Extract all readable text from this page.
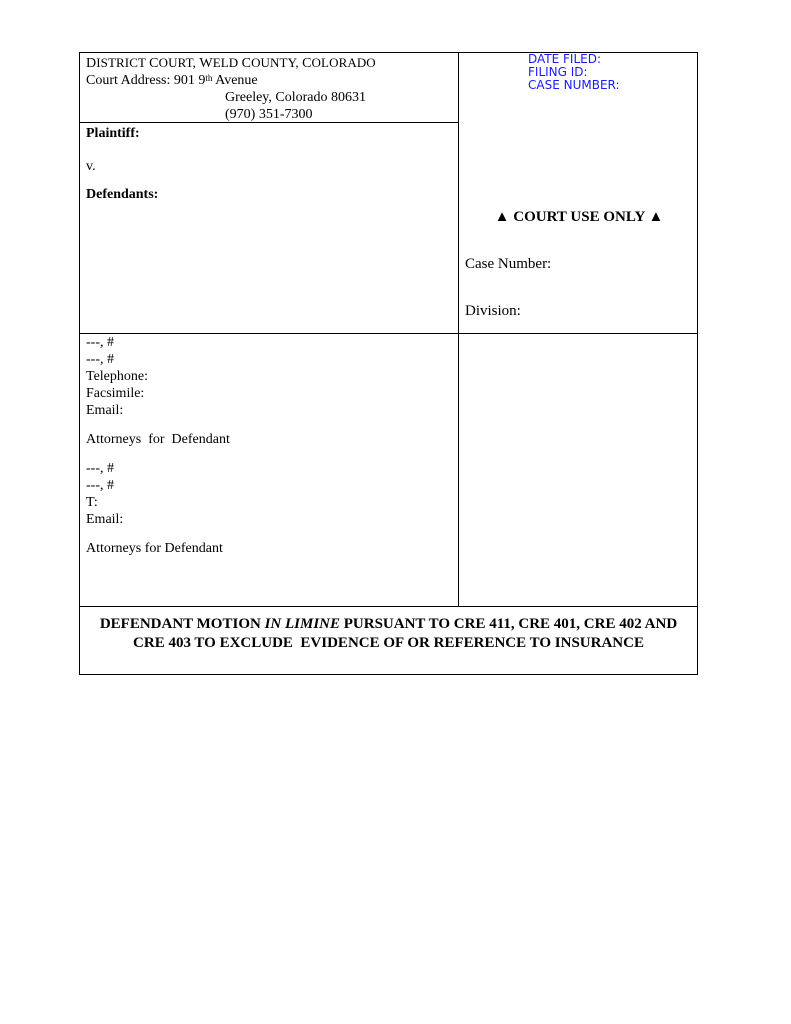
DISTRICT COURT, WELD COUNTY, COLORADO
Court Address: 901 9th Avenue
Greeley, Colorado 80631
(970) 351-7300
DATE FILED:
FILING ID:
CASE NUMBER:
Plaintiff:
v.
Defendants:
▲ COURT USE ONLY ▲
Case Number:
Division:
---, #
---, #
Telephone:
Facsimile:
Email:
Attorneys  for  Defendant
---, #
---, #
T:
Email:
Attorneys for Defendant
DEFENDANT MOTION IN LIMINE PURSUANT TO CRE 411, CRE 401, CRE 402 AND
CRE 403 TO EXCLUDE  EVIDENCE OF OR REFERENCE TO INSURANCE
